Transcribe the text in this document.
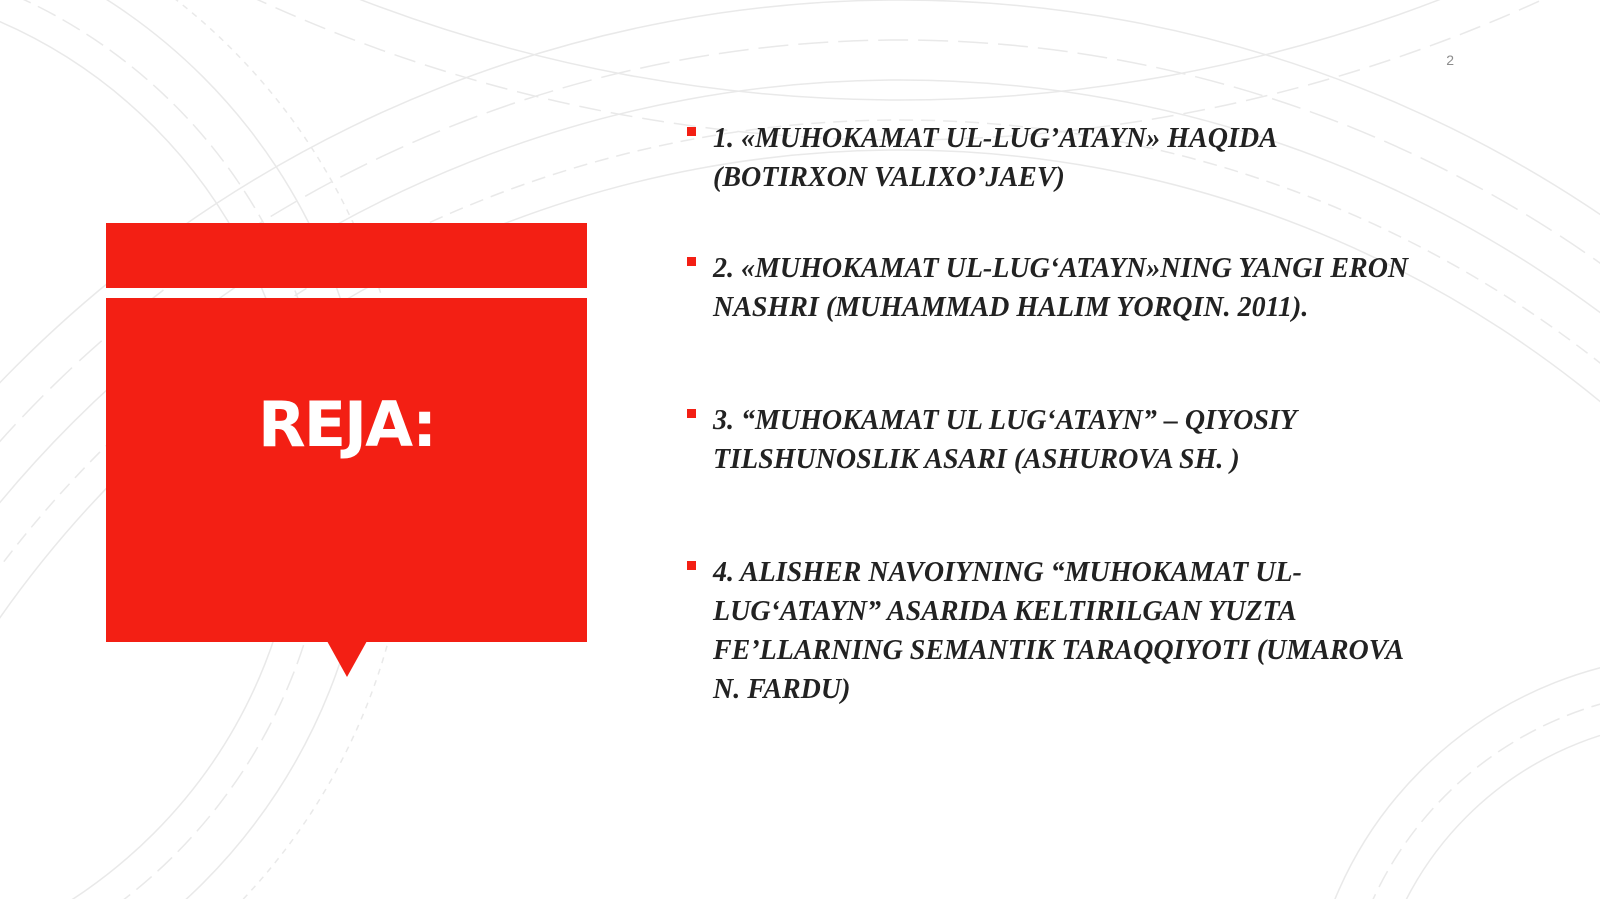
2
REJA:
1. «MUHOKAMAT UL-LUG’ATAYN» HAQIDA
(BOTIRXON VALIXO’JAEV)
2. «MUHOKAMAT UL-LUG‘ATAYN»NING YANGI ERON
NASHRI (MUHAMMAD HALIM YORQIN. 2011).
3. “MUHOKAMAT UL LUG‘ATAYN” – QIYOSIY
TILSHUNOSLIK ASARI (ASHUROVA SH. )
4. ALISHER NAVOIYNING “MUHOKAMAT UL-
LUG‘ATAYN” ASARIDA KELTIRILGAN YUZTA
FE’LLARNING SEMANTIK TARAQQIYOTI (UMAROVA
N. FARDU)
